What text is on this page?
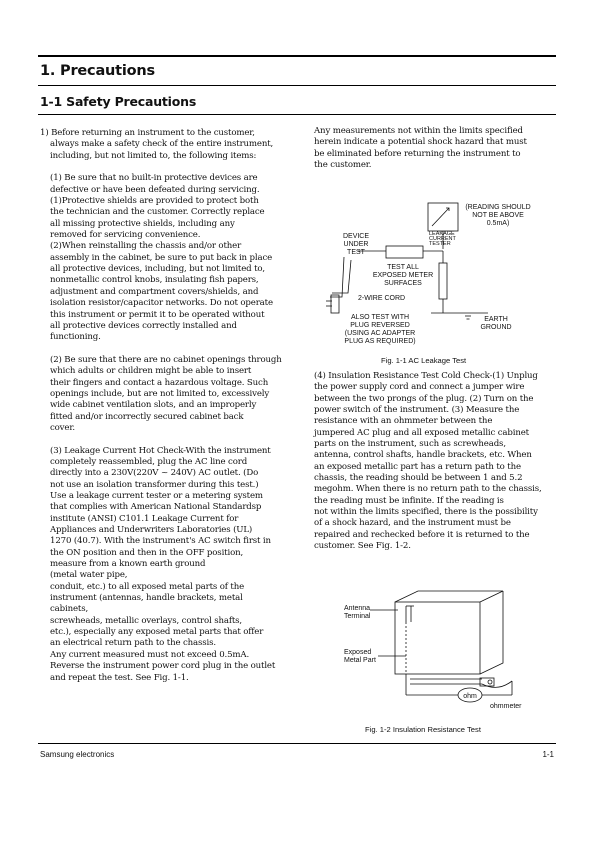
1. Precautions
1-1 Safety Precautions

1) Before returning an instrument to the customer,

always make a safety check of the entire instrument,

including, but not limited to, the following items:

(1) Be sure that no built-in protective devices are

defective or have been defeated during servicing.

(1)Protective shields are provided to protect both

the technician and the customer. Correctly replace

all missing protective shields, including any

removed for servicing convenience.

(2)When reinstalling the chassis and/or other

assembly in the cabinet, be sure to put back in place

all protective devices, including, but not limited to,

nonmetallic control knobs, insulating fish papers,

adjustment and compartment covers/shields, and

isolation resistor/capacitor networks. Do not operate

this instrument or permit it to be operated without

all protective devices correctly installed and

functioning.

(2) Be sure that there are no cabinet openings through

which adults or children might be able to insert

their fingers and contact a hazardous voltage. Such

openings include, but are not limited to, excessively

wide cabinet ventilation slots, and an improperly

fitted and/or incorrectly secured cabinet back

cover.

(3) Leakage Current Hot Check-With the instrument

completely reassembled, plug the AC line cord

directly into a 230V(220V ~ 240V) AC outlet. (Do

not use an isolation transformer during this test.)

Use a leakage current tester or a metering system

that complies with American National Standardsp

institute (ANSI) C101.1 Leakage Current for

Appliances and Underwriters Laboratories (UL)

1270 (40.7). With the instrument's AC switch first in

the ON position and then in the OFF position,

measure from a known earth ground

(metal water pipe,

conduit, etc.) to all exposed metal parts of the

instrument (antennas, handle brackets, metal

cabinets,

screwheads, metallic overlays, control shafts,

etc.), especially any exposed metal parts that offer

an electrical return path to the chassis.

Any current measured must not exceed 0.5mA.

Reverse the instrument power cord plug in the outlet

and repeat the test. See Fig. 1-1.

Any measurements not within the limits specified

herein indicate a potential shock hazard that must

be eliminated before returning the instrument to

the customer.

(READING SHOULD
NOT BE ABOVE
0.5mA)
LEAKAGE
CURRENT
TESTER
DEVICE
UNDER
TEST
TEST ALL
EXPOSED METER
SURFACES
2-WIRE CORD
ALSO TEST WITH
PLUG REVERSED
(USING AC ADAPTER
PLUG AS REQUIRED)
EARTH
GROUND
Fig. 1-1 AC Leakage Test

(4) Insulation Resistance Test Cold Check-(1) Unplug

the power supply cord and connect a jumper wire

between the two prongs of the plug. (2) Turn on the

power switch of the instrument. (3) Measure the

resistance with an ohmmeter between the

jumpered AC plug and all exposed metallic cabinet

parts on the instrument, such as screwheads,

antenna, control shafts, handle brackets, etc. When

an exposed metallic part has a return path to the

chassis, the reading should be between 1 and 5.2

megohm. When there is no return path to the chassis,

the reading must be infinite. If the reading is

not within the limits specified, there is the possibility

of a shock hazard, and the instrument must be

repaired and rechecked before it is returned to the

customer. See Fig. 1-2.

Antenna
Terminal
Exposed
Metal Part
ohm
ohmmeter
Fig. 1-2 Insulation Resistance Test
Samsung electronics	1-1
